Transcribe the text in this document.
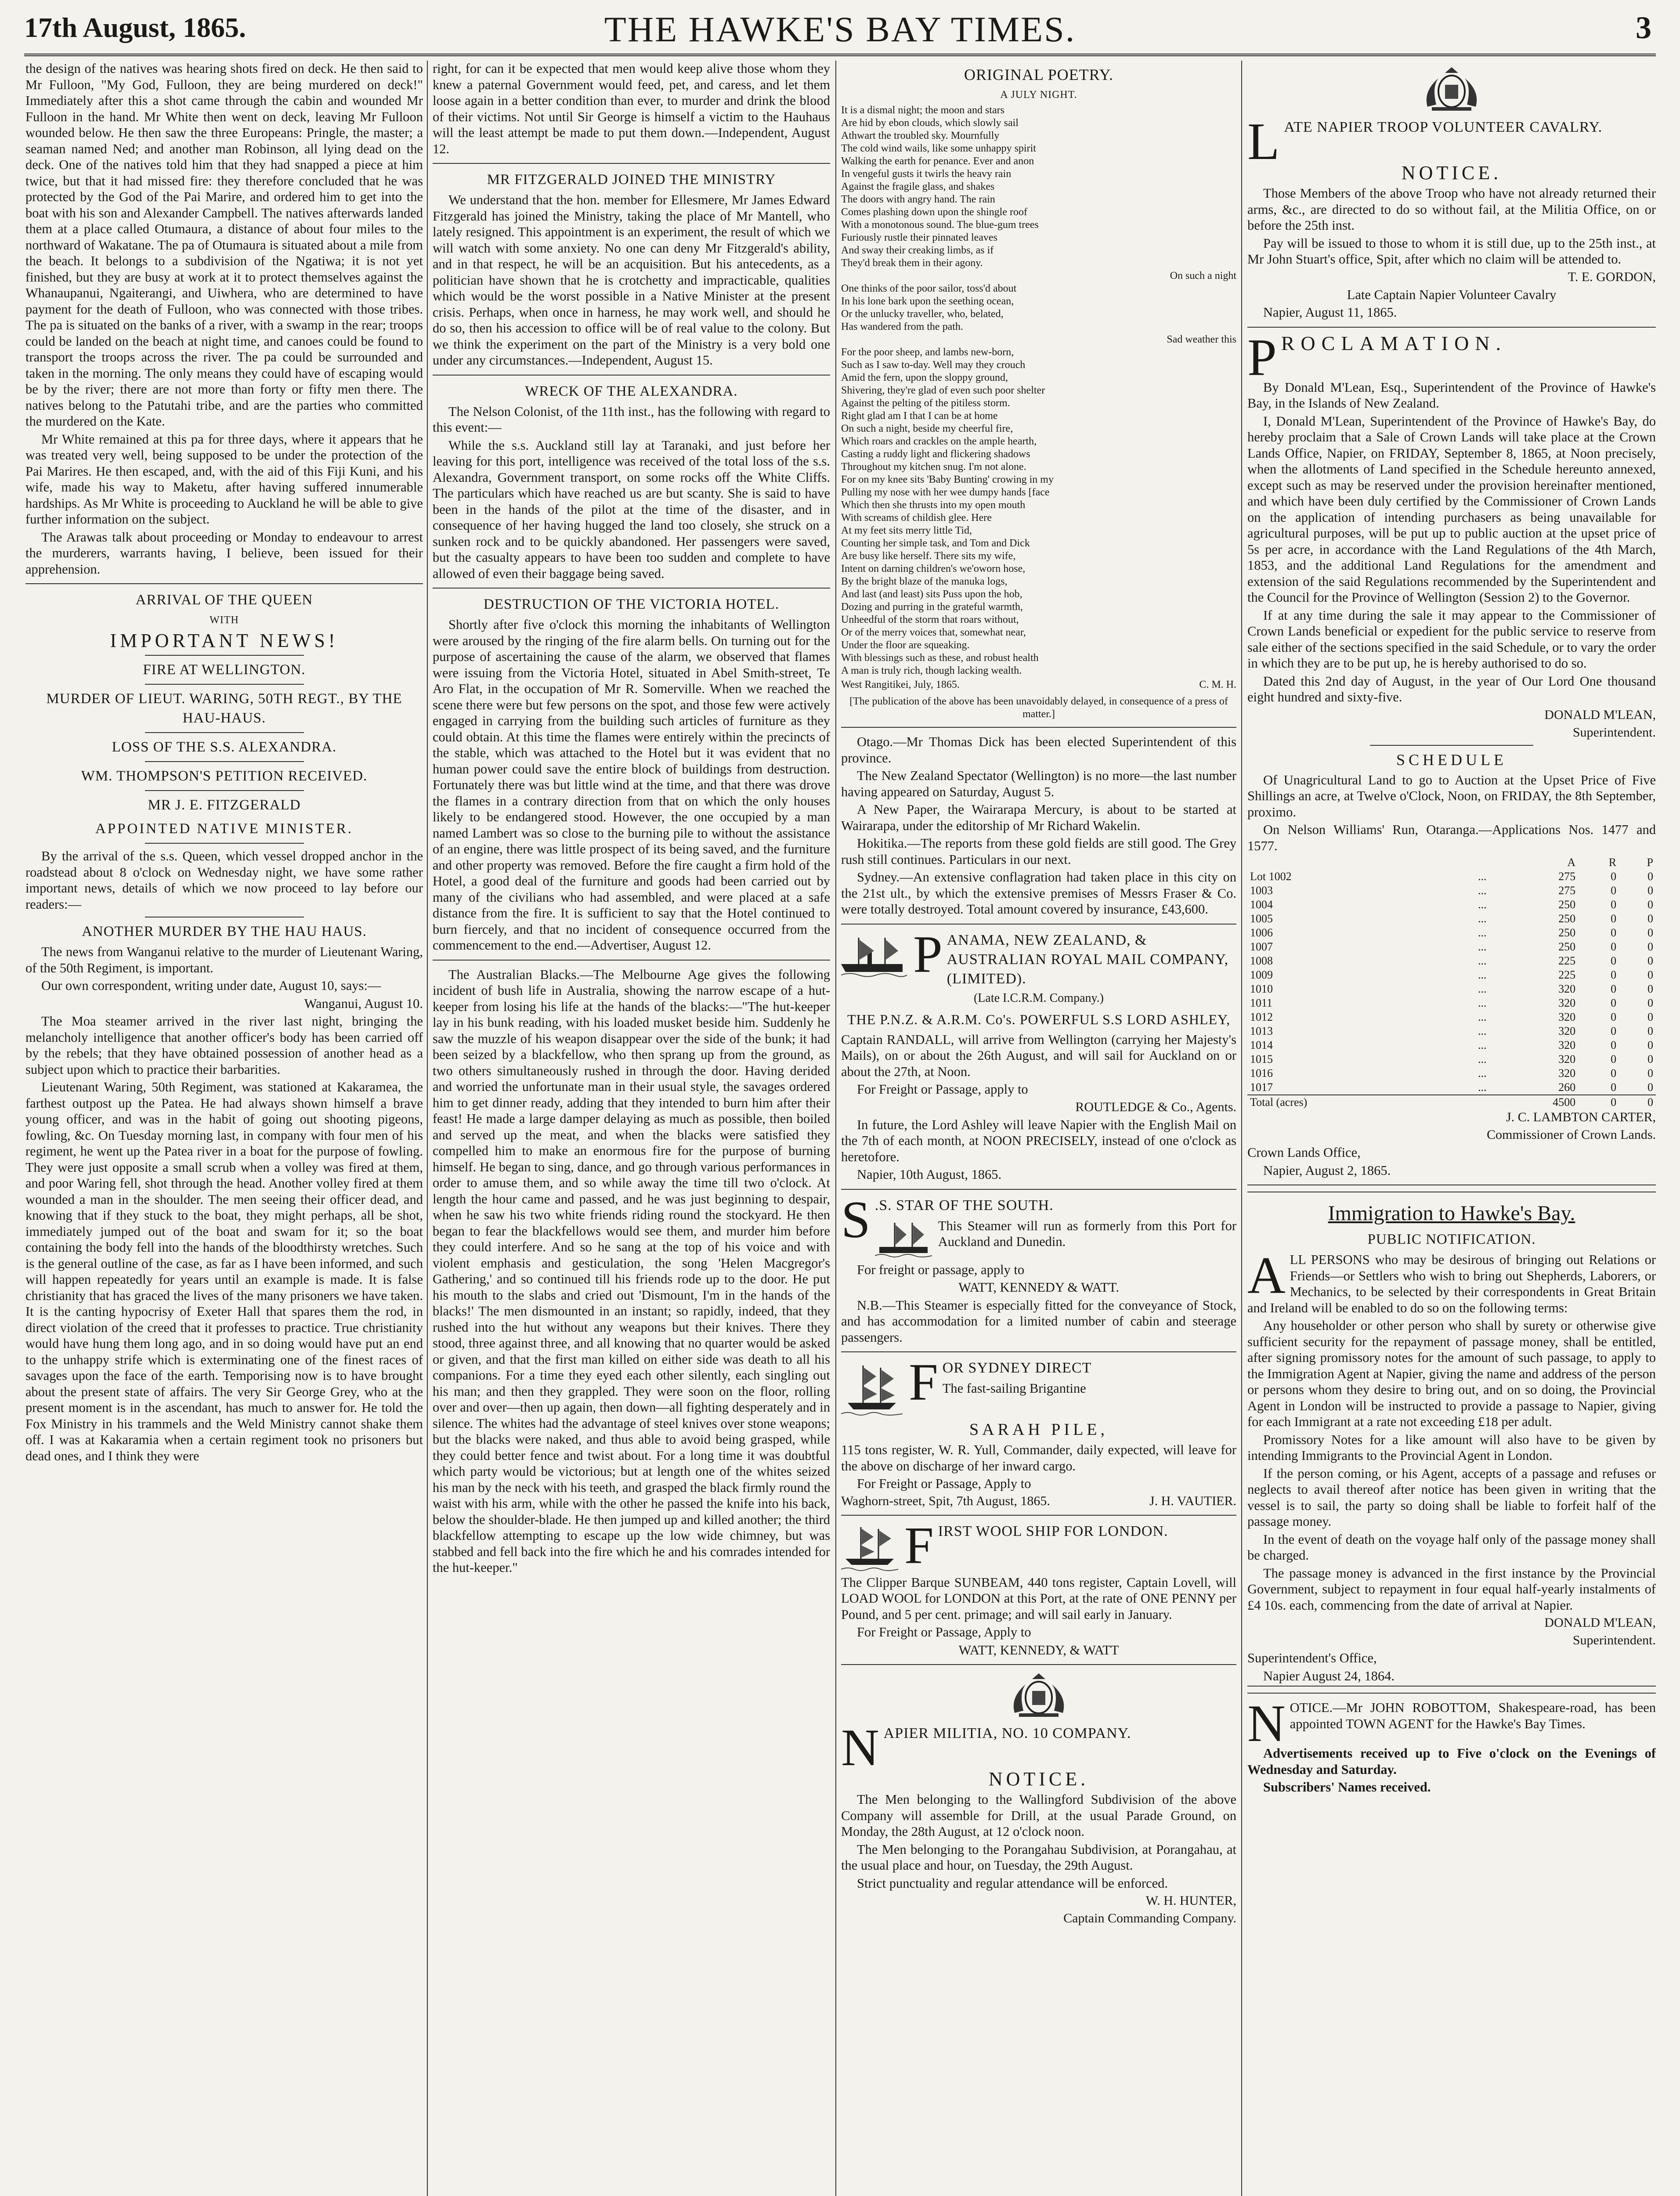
17th August, 1865.	THE HAWKE'S BAY TIMES.	3

the design of the natives was hearing shots fired on deck. He then said to Mr Fulloon, "My God, Fulloon, they are being murdered on deck!" Immediately after this a shot came through the cabin and wounded Mr Fulloon in the hand. Mr White then went on deck, leaving Mr Fulloon wounded below. He then saw the three Europeans: Pringle, the master; a seaman named Ned; and another man Robinson, all lying dead on the deck. One of the natives told him that they had snapped a piece at him twice, but that it had missed fire: they therefore concluded that he was protected by the God of the Pai Marire, and ordered him to get into the boat with his son and Alexander Campbell. The natives afterwards landed them at a place called Otumaura, a distance of about four miles to the northward of Wakatane. The pa of Otumaura is situated about a mile from the beach. It belongs to a subdivision of the Ngatiwa; it is not yet finished, but they are busy at work at it to protect themselves against the Whanaupanui, Ngaiterangi, and Uiwhera, who are determined to have payment for the death of Fulloon, who was connected with those tribes. The pa is situated on the banks of a river, with a swamp in the rear; troops could be landed on the beach at night time, and canoes could be found to transport the troops across the river. The pa could be surrounded and taken in the morning. The only means they could have of escaping would be by the river; there are not more than forty or fifty men there. The natives belong to the Patutahi tribe, and are the parties who committed the murdered on the Kate.

Mr White remained at this pa for three days, where it appears that he was treated very well, being supposed to be under the protection of the Pai Marires. He then escaped, and, with the aid of this Fiji Kuni, and his wife, made his way to Maketu, after having suffered innumerable hardships. As Mr White is proceeding to Auckland he will be able to give further information on the subject.

The Arawas talk about proceeding or Monday to endeavour to arrest the murderers, warrants having, I believe, been issued for their apprehension.

ARRIVAL OF THE QUEEN
WITH
IMPORTANT NEWS!
FIRE AT WELLINGTON.
MURDER OF LIEUT. WARING, 50TH REGT., BY THE HAU-HAUS.
LOSS OF THE S.S. ALEXANDRA.
WM. THOMPSON'S PETITION RECEIVED.
MR J. E. FITZGERALD
APPOINTED NATIVE MINISTER.

By the arrival of the s.s. Queen, which vessel dropped anchor in the roadstead about 8 o'clock on Wednesday night, we have some rather important news, details of which we now proceed to lay before our readers:—

ANOTHER MURDER BY THE HAU HAUS.

The news from Wanganui relative to the murder of Lieutenant Waring, of the 50th Regiment, is important.

Our own correspondent, writing under date, August 10, says:—

Wanganui, August 10.

The Moa steamer arrived in the river last night, bringing the melancholy intelligence that another officer's body has been carried off by the rebels; that they have obtained possession of another head as a subject upon which to practice their barbarities.

Lieutenant Waring, 50th Regiment, was stationed at Kakaramea, the farthest outpost up the Patea. He had always shown himself a brave young officer, and was in the habit of going out shooting pigeons, fowling, &c. On Tuesday morning last, in company with four men of his regiment, he went up the Patea river in a boat for the purpose of fowling. They were just opposite a small scrub when a volley was fired at them, and poor Waring fell, shot through the head. Another volley fired at them wounded a man in the shoulder. The men seeing their officer dead, and knowing that if they stuck to the boat, they might perhaps, all be shot, immediately jumped out of the boat and swam for it; so the boat containing the body fell into the hands of the bloodthirsty wretches. Such is the general outline of the case, as far as I have been informed, and such will happen repeatedly for years until an example is made. It is false christianity that has graced the lives of the many prisoners we have taken. It is the canting hypocrisy of Exeter Hall that spares them the rod, in direct violation of the creed that it professes to practice. True christianity would have hung them long ago, and in so doing would have put an end to the unhappy strife which is exterminating one of the finest races of savages upon the face of the earth. Temporising now is to have brought about the present state of affairs. The very Sir George Grey, who at the present moment is in the ascendant, has much to answer for. He told the Fox Ministry in his trammels and the Weld Ministry cannot shake them off. I was at Kakaramia when a certain regiment took no prisoners but dead ones, and I think they were

right, for can it be expected that men would keep alive those whom they knew a paternal Government would feed, pet, and caress, and let them loose again in a better condition than ever, to murder and drink the blood of their victims. Not until Sir George is himself a victim to the Hauhaus will the least attempt be made to put them down.—Independent, August 12.

MR FITZGERALD JOINED THE MINISTRY

We understand that the hon. member for Ellesmere, Mr James Edward Fitzgerald has joined the Ministry, taking the place of Mr Mantell, who lately resigned. This appointment is an experiment, the result of which we will watch with some anxiety. No one can deny Mr Fitzgerald's ability, and in that respect, he will be an acquisition. But his antecedents, as a politician have shown that he is crotchetty and impracticable, qualities which would be the worst possible in a Native Minister at the present crisis. Perhaps, when once in harness, he may work well, and should he do so, then his accession to office will be of real value to the colony. But we think the experiment on the part of the Ministry is a very bold one under any circumstances.—Independent, August 15.

WRECK OF THE ALEXANDRA.

The Nelson Colonist, of the 11th inst., has the following with regard to this event:—

While the s.s. Auckland still lay at Taranaki, and just before her leaving for this port, intelligence was received of the total loss of the s.s. Alexandra, Government transport, on some rocks off the White Cliffs. The particulars which have reached us are but scanty. She is said to have been in the hands of the pilot at the time of the disaster, and in consequence of her having hugged the land too closely, she struck on a sunken rock and to be quickly abandoned. Her passengers were saved, but the casualty appears to have been too sudden and complete to have allowed of even their baggage being saved.

DESTRUCTION OF THE VICTORIA HOTEL.

Shortly after five o'clock this morning the inhabitants of Wellington were aroused by the ringing of the fire alarm bells. On turning out for the purpose of ascertaining the cause of the alarm, we observed that flames were issuing from the Victoria Hotel, situated in Abel Smith-street, Te Aro Flat, in the occupation of Mr R. Somerville. When we reached the scene there were but few persons on the spot, and those few were actively engaged in carrying from the building such articles of furniture as they could obtain. At this time the flames were entirely within the precincts of the stable, which was attached to the Hotel but it was evident that no human power could save the entire block of buildings from destruction. Fortunately there was but little wind at the time, and that there was drove the flames in a contrary direction from that on which the only houses likely to be endangered stood. However, the one occupied by a man named Lambert was so close to the burning pile to without the assistance of an engine, there was little prospect of its being saved, and the furniture and other property was removed. Before the fire caught a firm hold of the Hotel, a good deal of the furniture and goods had been carried out by many of the civilians who had assembled, and were placed at a safe distance from the fire. It is sufficient to say that the Hotel continued to burn fiercely, and that no incident of consequence occurred from the commencement to the end.—Advertiser, August 12.

The Australian Blacks.—The Melbourne Age gives the following incident of bush life in Australia, showing the narrow escape of a hut-keeper from losing his life at the hands of the blacks:—"The hut-keeper lay in his bunk reading, with his loaded musket beside him. Suddenly he saw the muzzle of his weapon disappear over the side of the bunk; it had been seized by a blackfellow, who then sprang up from the ground, as two others simultaneously rushed in through the door. Having derided and worried the unfortunate man in their usual style, the savages ordered him to get dinner ready, adding that they intended to burn him after their feast! He made a large damper delaying as much as possible, then boiled and served up the meat, and when the blacks were satisfied they compelled him to make an enormous fire for the purpose of burning himself. He began to sing, dance, and go through various performances in order to amuse them, and so while away the time till two o'clock. At length the hour came and passed, and he was just beginning to despair, when he saw his two white friends riding round the stockyard. He then began to fear the blackfellows would see them, and murder him before they could interfere. And so he sang at the top of his voice and with violent emphasis and gesticulation, the song 'Helen Macgregor's Gathering,' and so continued till his friends rode up to the door. He put his mouth to the slabs and cried out 'Dismount, I'm in the hands of the blacks!' The men dismounted in an instant; so rapidly, indeed, that they rushed into the hut without any weapons but their knives. There they stood, three against three, and all knowing that no quarter would be asked or given, and that the first man killed on either side was death to all his companions. For a time they eyed each other silently, each singling out his man; and then they grappled. They were soon on the floor, rolling over and over—then up again, then down—all fighting desperately and in silence. The whites had the advantage of steel knives over stone weapons; but the blacks were naked, and thus able to avoid being grasped, while they could better fence and twist about. For a long time it was doubtful which party would be victorious; but at length one of the whites seized his man by the neck with his teeth, and grasped the black firmly round the waist with his arm, while with the other he passed the knife into his back, below the shoulder-blade. He then jumped up and killed another; the third blackfellow attempting to escape up the low wide chimney, but was stabbed and fell back into the fire which he and his comrades intended for the hut-keeper."

ORIGINAL POETRY.
A JULY NIGHT.

It is a dismal night; the moon and stars

Are hid by ebon clouds, which slowly sail

Athwart the troubled sky. Mournfully

The cold wind wails, like some unhappy spirit

Walking the earth for penance. Ever and anon

In vengeful gusts it twirls the heavy rain

Against the fragile glass, and shakes

The doors with angry hand. The rain

Comes plashing down upon the shingle roof

With a monotonous sound. The blue-gum trees

Furiously rustle their pinnated leaves

And sway their creaking limbs, as if

They'd break them in their agony.

On such a night

One thinks of the poor sailor, toss'd about

In his lone bark upon the seething ocean,

Or the unlucky traveller, who, belated,

Has wandered from the path.

Sad weather this

For the poor sheep, and lambs new-born,

Such as I saw to-day. Well may they crouch

Amid the fern, upon the sloppy ground,

Shivering, they're glad of even such poor shelter

Against the pelting of the pitiless storm.

Right glad am I that I can be at home

On such a night, beside my cheerful fire,

Which roars and crackles on the ample hearth,

Casting a ruddy light and flickering shadows

Throughout my kitchen snug. I'm not alone.

For on my knee sits 'Baby Bunting' crowing in my

Pulling my nose with her wee dumpy hands [face

Which then she thrusts into my open mouth

With screams of childish glee. Here

At my feet sits merry little Tid,

Counting her simple task, and Tom and Dick

Are busy like herself. There sits my wife,

Intent on darning children's we'oworn hose,

By the bright blaze of the manuka logs,

And last (and least) sits Puss upon the hob,

Dozing and purring in the grateful warmth,

Unheedful of the storm that roars without,

Or of the merry voices that, somewhat near,

Under the floor are squeaking.

With blessings such as these, and robust health

A man is truly rich, though lacking wealth.

West Rangitikei, July, 1865.	C. M. H.

[The publication of the above has been unavoidably delayed, in consequence of a press of matter.]

Otago.—Mr Thomas Dick has been elected Superintendent of this province.

The New Zealand Spectator (Wellington) is no more—the last number having appeared on Saturday, August 5.

A New Paper, the Wairarapa Mercury, is about to be started at Wairarapa, under the editorship of Mr Richard Wakelin.

Hokitika.—The reports from these gold fields are still good. The Grey rush still continues. Particulars in our next.

Sydney.—An extensive conflagration had taken place in this city on the 21st ult., by which the extensive premises of Messrs Fraser & Co. were totally destroyed. Total amount covered by insurance, £43,600.

P ANAMA, NEW ZEALAND, & AUSTRALIAN ROYAL MAIL COMPANY, (LIMITED).
(Late I.C.R.M. Company.)
THE P.N.Z. & A.R.M. Co's. POWERFUL S.S LORD ASHLEY,

Captain RANDALL, will arrive from Wellington (carrying her Majesty's Mails), on or about the 26th August, and will sail for Auckland on or about the 27th, at Noon.

For Freight or Passage, apply to

ROUTLEDGE & Co., Agents.

In future, the Lord Ashley will leave Napier with the English Mail on the 7th of each month, at NOON PRECISELY, instead of one o'clock as heretofore.

Napier, 10th August, 1865.

S .S. STAR OF THE SOUTH.

This Steamer will run as formerly from this Port for Auckland and Dunedin.

For freight or passage, apply to

WATT, KENNEDY & WATT.

N.B.—This Steamer is especially fitted for the conveyance of Stock, and has accommodation for a limited number of cabin and steerage passengers.

F OR SYDNEY DIRECT

The fast-sailing Brigantine

SARAH PILE,

115 tons register, W. R. Yull, Commander, daily expected, will leave for the above on discharge of her inward cargo.

For Freight or Passage, Apply to

Waghorn-street, Spit, 7th August, 1865.	J. H. VAUTIER.
F IRST WOOL SHIP FOR LONDON.

The Clipper Barque SUNBEAM, 440 tons register, Captain Lovell, will LOAD WOOL for LONDON at this Port, at the rate of ONE PENNY per Pound, and 5 per cent. primage; and will sail early in January.

For Freight or Passage, Apply to

WATT, KENNEDY, & WATT

N APIER MILITIA, NO. 10 COMPANY.
NOTICE.

The Men belonging to the Wallingford Subdivision of the above Company will assemble for Drill, at the usual Parade Ground, on Monday, the 28th August, at 12 o'clock noon.

The Men belonging to the Porangahau Subdivision, at Porangahau, at the usual place and hour, on Tuesday, the 29th August.

Strict punctuality and regular attendance will be enforced.

W. H. HUNTER,

Captain Commanding Company.

L ATE NAPIER TROOP VOLUNTEER CAVALRY.
NOTICE.

Those Members of the above Troop who have not already returned their arms, &c., are directed to do so without fail, at the Militia Office, on or before the 25th inst.

Pay will be issued to those to whom it is still due, up to the 25th inst., at Mr John Stuart's office, Spit, after which no claim will be attended to.

T. E. GORDON,

Late Captain Napier Volunteer Cavalry

Napier, August 11, 1865.

P ROCLAMATION.

By Donald M'Lean, Esq., Superintendent of the Province of Hawke's Bay, in the Islands of New Zealand.

I, Donald M'Lean, Superintendent of the Province of Hawke's Bay, do hereby proclaim that a Sale of Crown Lands will take place at the Crown Lands Office, Napier, on FRIDAY, September 8, 1865, at Noon precisely, when the allotments of Land specified in the Schedule hereunto annexed, except such as may be reserved under the provision hereinafter mentioned, and which have been duly certified by the Commissioner of Crown Lands on the application of intending purchasers as being unavailable for agricultural purposes, will be put up to public auction at the upset price of 5s per acre, in accordance with the Land Regulations of the 4th March, 1853, and the additional Land Regulations for the amendment and extension of the said Regulations recommended by the Superintendent and the Council for the Province of Wellington (Session 2) to the Governor.

If at any time during the sale it may appear to the Commissioner of Crown Lands beneficial or expedient for the public service to reserve from sale either of the sections specified in the said Schedule, or to vary the order in which they are to be put up, he is hereby authorised to do so.

Dated this 2nd day of August, in the year of Our Lord One thousand eight hundred and sixty-five.

DONALD M'LEAN,

Superintendent.

SCHEDULE

Of Unagricultural Land to go to Auction at the Upset Price of Five Shillings an acre, at Twelve o'Clock, Noon, on FRIDAY, the 8th September, proximo.

On Nelson Williams' Run, Otaranga.—Applications Nos. 1477 and 1577.

		A	R	P
Lot 1002	...	275	0	0
1003	...	275	0	0
1004	...	250	0	0
1005	...	250	0	0
1006	...	250	0	0
1007	...	250	0	0
1008	...	225	0	0
1009	...	225	0	0
1010	...	320	0	0
1011	...	320	0	0
1012	...	320	0	0
1013	...	320	0	0
1014	...	320	0	0
1015	...	320	0	0
1016	...	320	0	0
1017	...	260	0	0
Total (acres)		4500	0	0

J. C. LAMBTON CARTER,

Commissioner of Crown Lands.

Crown Lands Office,

Napier, August 2, 1865.

Immigration to Hawke's Bay.
PUBLIC NOTIFICATION.
A LL PERSONS who may be desirous of bringing out Relations or Friends—or Settlers who wish to bring out Shepherds, Laborers, or Mechanics, to be selected by their correspondents in Great Britain and Ireland will be enabled to do so on the following terms:

Any householder or other person who shall by surety or otherwise give sufficient security for the repayment of passage money, shall be entitled, after signing promissory notes for the amount of such passage, to apply to the Immigration Agent at Napier, giving the name and address of the person or persons whom they desire to bring out, and on so doing, the Provincial Agent in London will be instructed to provide a passage to Napier, giving for each Immigrant at a rate not exceeding £18 per adult.

Promissory Notes for a like amount will also have to be given by intending Immigrants to the Provincial Agent in London.

If the person coming, or his Agent, accepts of a passage and refuses or neglects to avail thereof after notice has been given in writing that the vessel is to sail, the party so doing shall be liable to forfeit half of the passage money.

In the event of death on the voyage half only of the passage money shall be charged.

The passage money is advanced in the first instance by the Provincial Government, subject to repayment in four equal half-yearly instalments of £4 10s. each, commencing from the date of arrival at Napier.

DONALD M'LEAN,

Superintendent.

Superintendent's Office,

Napier August 24, 1864.

N OTICE.—Mr JOHN ROBOTTOM, Shakespeare-road, has been appointed TOWN AGENT for the Hawke's Bay Times.

Advertisements received up to Five o'clock on the Evenings of Wednesday and Saturday.

Subscribers' Names received.
